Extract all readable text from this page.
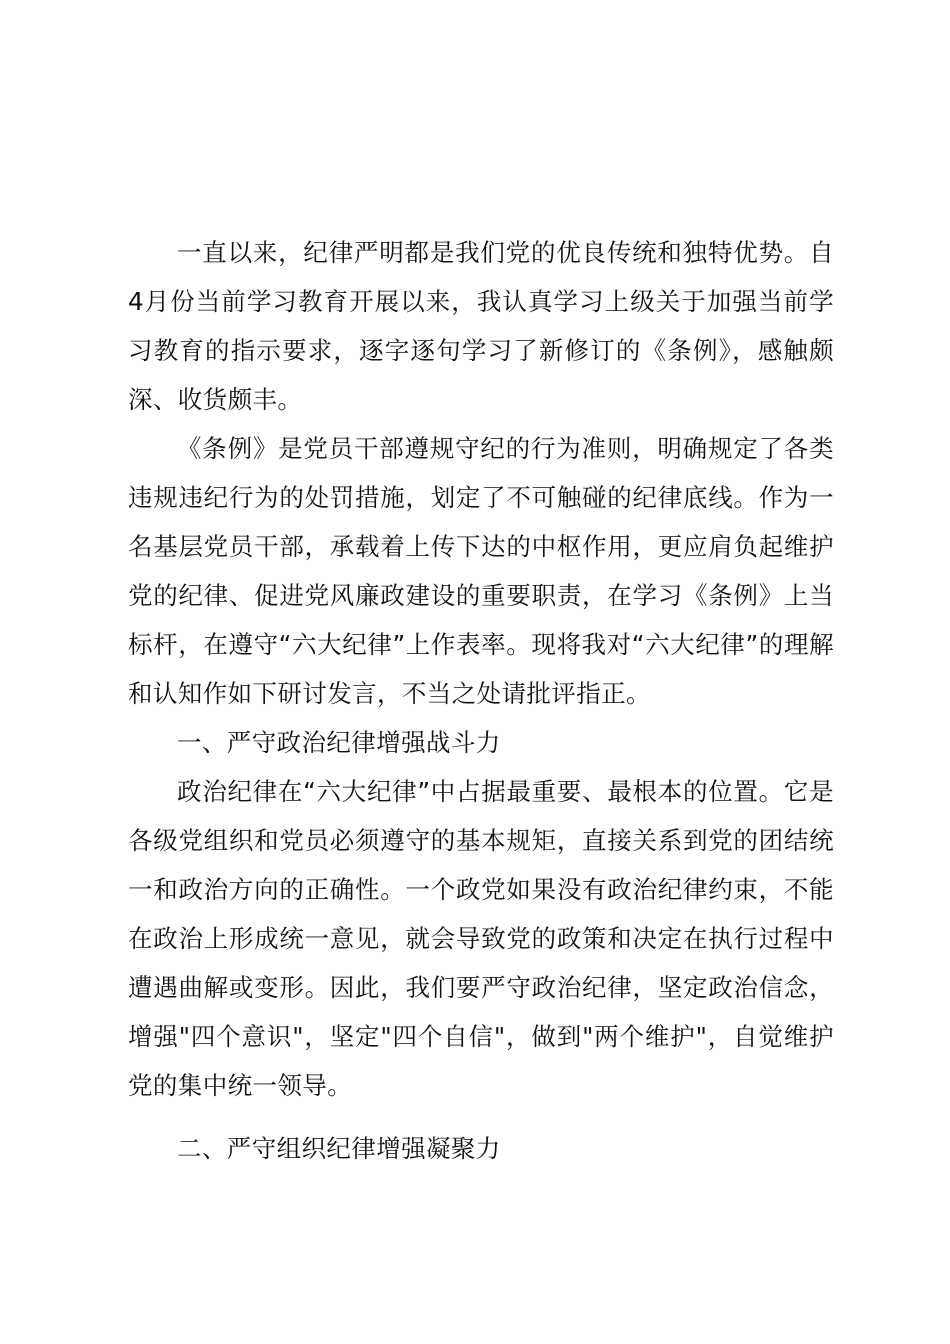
一直以来，纪律严明都是我们党的优良传统和独特优势。自4月份当前学习教育开展以来，我认真学习上级关于加强当前学习教育的指示要求，逐字逐句学习了新修订的《条例》，感触颇深、收货颇丰。

《条例》是党员干部遵规守纪的行为准则，明确规定了各类违规违纪行为的处罚措施，划定了不可触碰的纪律底线。作为一名基层党员干部，承载着上传下达的中枢作用，更应肩负起维护党的纪律、促进党风廉政建设的重要职责，在学习《条例》上当标杆，在遵守“六大纪律”上作表率。现将我对“六大纪律”的理解和认知作如下研讨发言，不当之处请批评指正。

一、严守政治纪律增强战斗力

政治纪律在“六大纪律”中占据最重要、最根本的位置。它是各级党组织和党员必须遵守的基本规矩，直接关系到党的团结统一和政治方向的正确性。一个政党如果没有政治纪律约束，不能在政治上形成统一意见，就会导致党的政策和决定在执行过程中遭遇曲解或变形。因此，我们要严守政治纪律，坚定政治信念，增强"四个意识"，坚定"四个自信"，做到"两个维护"，自觉维护党的集中统一领导。

二、严守组织纪律增强凝聚力
